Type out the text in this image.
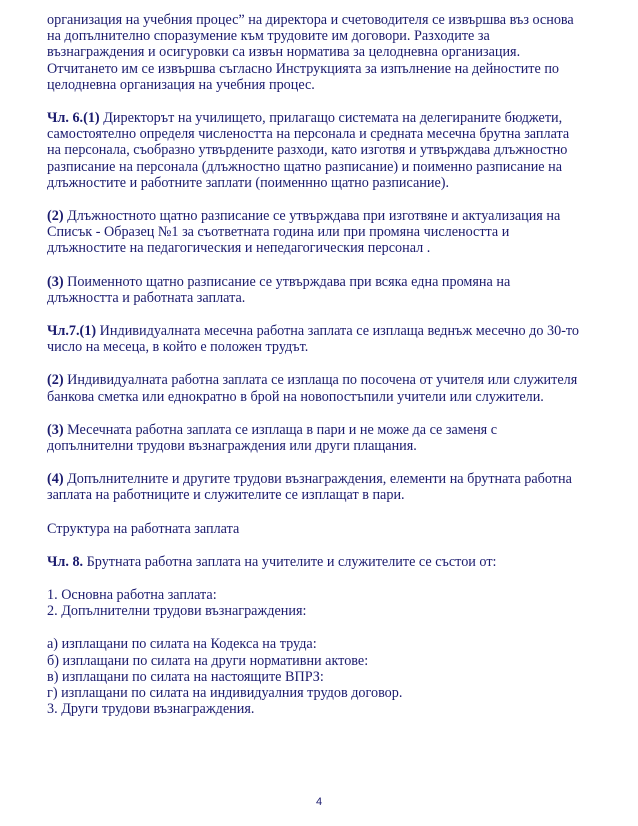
организация на учебния процес” на директора и счетоводителя се извършва въз основа
на допълнително споразумение към трудовите им договори. Разходите за
възнаграждения и осигуровки са извън норматива за целодневна организация.
Отчитането им се извършва съгласно Инструкцията за изпълнение на дейностите по
целодневна организация на учебния процес.
Чл. 6.(1) Директорът на училището, прилагащо системата на делегираните бюджети,
самостоятелно определя числеността на персонала и средната месечна брутна заплата
на персонала, съобразно утвърдените разходи, като изготвя и утвърждава длъжностно
разписание на персонала (длъжностно щатно разписание) и поименно разписание на
длъжностите и работните заплати (поименнно щатно разписание).
(2) Длъжностното щатно разписание се утвърждава при изготвяне и актуализация на
Списък - Образец №1 за съответната година или при промяна числеността и
длъжностите на педагогическия и непедагогическия персонал .
(3) Поименното щатно разписание се утвърждава при всяка една промяна на
длъжността и работната заплата.
Чл.7.(1) Индивидуалната месечна работна заплата се изплаща веднъж месечно до 30-то
число на месеца, в който е положен трудът.
(2) Индивидуалната работна заплата се изплаща по посочена от учителя или служителя
банкова сметка или еднократно в брой на новопостъпили учители или служители.
(3) Месечната работна заплата се изплаща в пари и не може да се заменя с
допълнителни трудови възнаграждения или други плащания.
(4) Допълнителните и другите трудови възнаграждения, елементи на брутната работна
заплата на работниците и служителите се изплащат в пари.
Структура на работната заплата
Чл. 8. Брутната работна заплата на учителите и служителите се състои от:
1. Основна работна заплата:
2. Допълнителни трудови възнаграждения:
а) изплащани по силата на Кодекса на труда:
б) изплащани по силата на други нормативни актове:
в) изплащани по силата на настоящите ВПРЗ:
г) изплащани по силата на индивидуалния трудов договор.
3. Други трудови възнаграждения.
4
